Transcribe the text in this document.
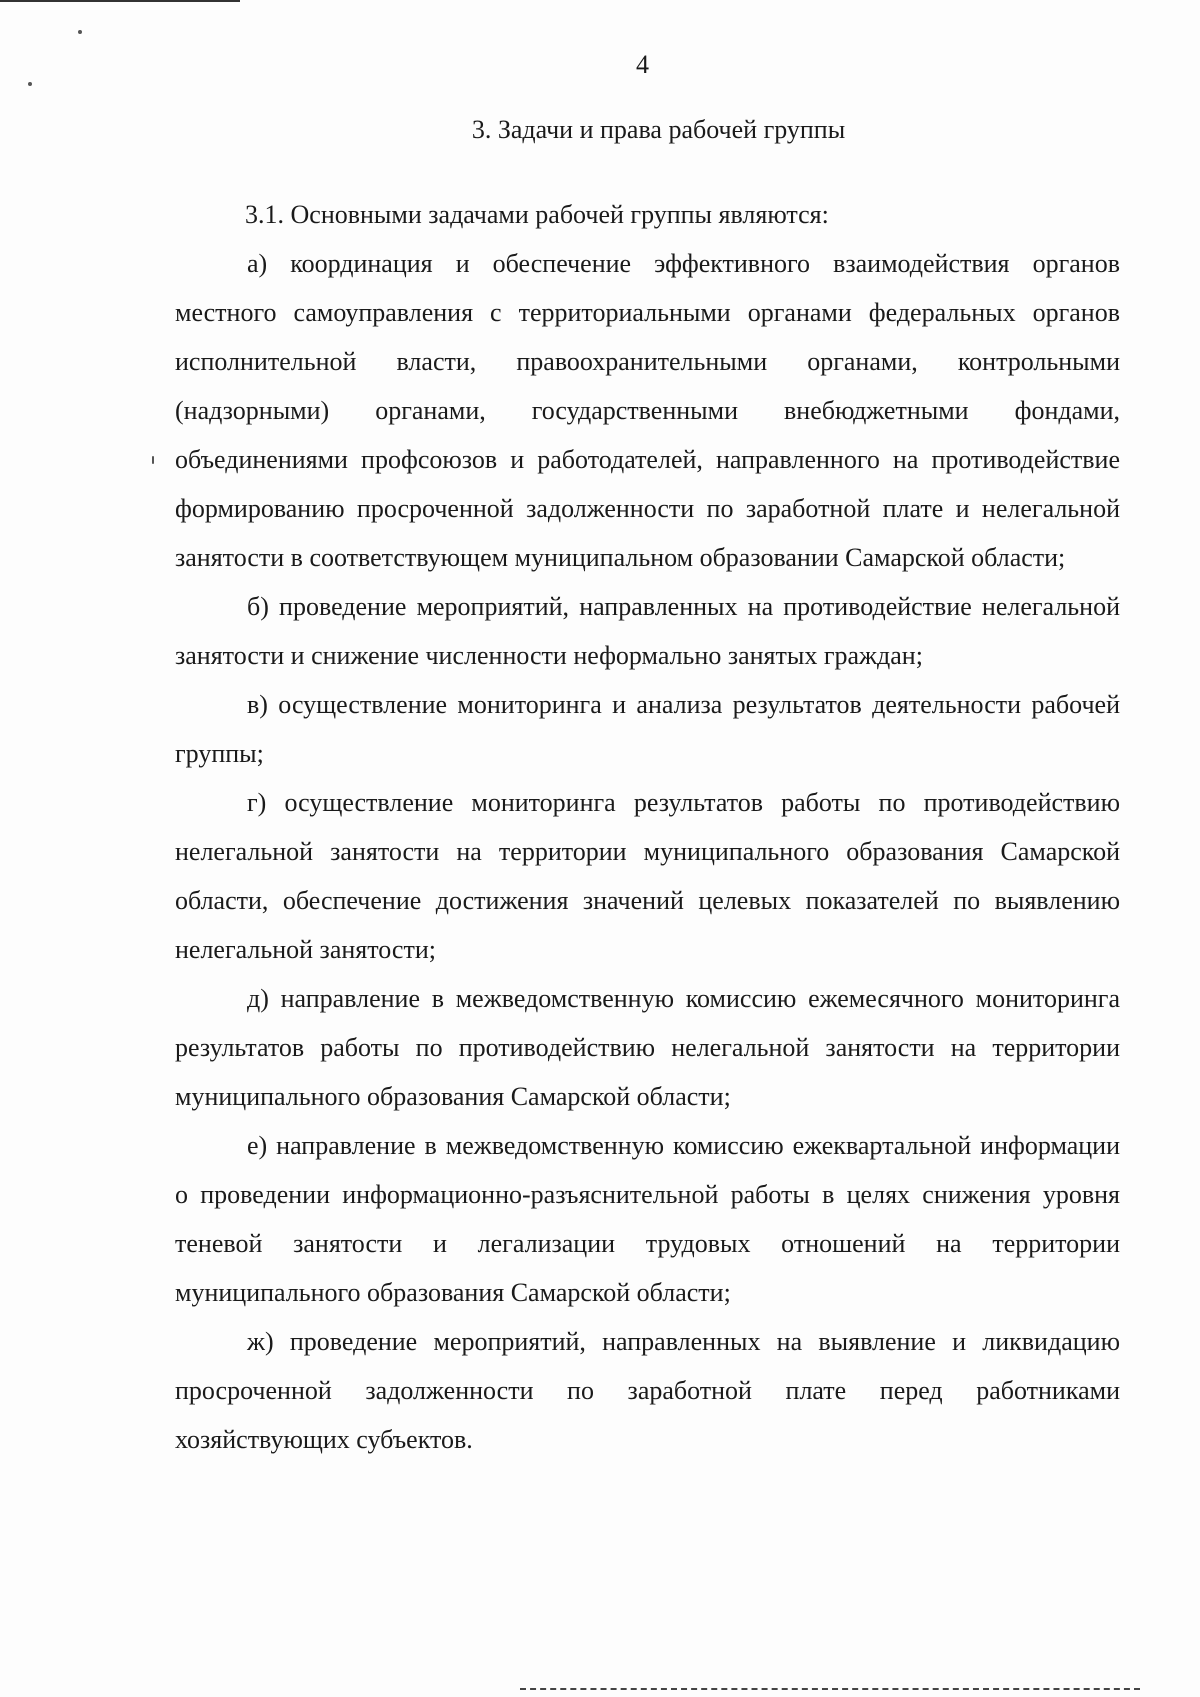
4
3. Задачи и права рабочей группы

3.1. Основными задачами рабочей группы являются:

а) координация и обеспечение эффективного взаимодействия органов местного самоуправления с территориальными органами федеральных органов исполнительной власти, правоохранительными органами, контрольными (надзорными) органами, государственными внебюджетными фондами, объединениями профсоюзов и работодателей, направленного на противодействие формированию просроченной задолженности по заработной плате и нелегальной занятости в соответствующем муниципальном образовании Самарской области;

б) проведение мероприятий, направленных на противодействие нелегальной занятости и снижение численности неформально занятых граждан;

в) осуществление мониторинга и анализа результатов деятельности рабочей группы;

г) осуществление мониторинга результатов работы по противодействию нелегальной занятости на территории муниципального образования Самарской области, обеспечение достижения значений целевых показателей по выявлению нелегальной занятости;

д) направление в межведомственную комиссию ежемесячного мониторинга результатов работы по противодействию нелегальной занятости на территории муниципального образования Самарской области;

е) направление в межведомственную комиссию ежеквартальной информации о проведении информационно-разъяснительной работы в целях снижения уровня теневой занятости и легализации трудовых отношений на территории муниципального образования Самарской области;

ж) проведение мероприятий, направленных на выявление и ликвидацию просроченной задолженности по заработной плате перед работниками хозяйствующих субъектов.
